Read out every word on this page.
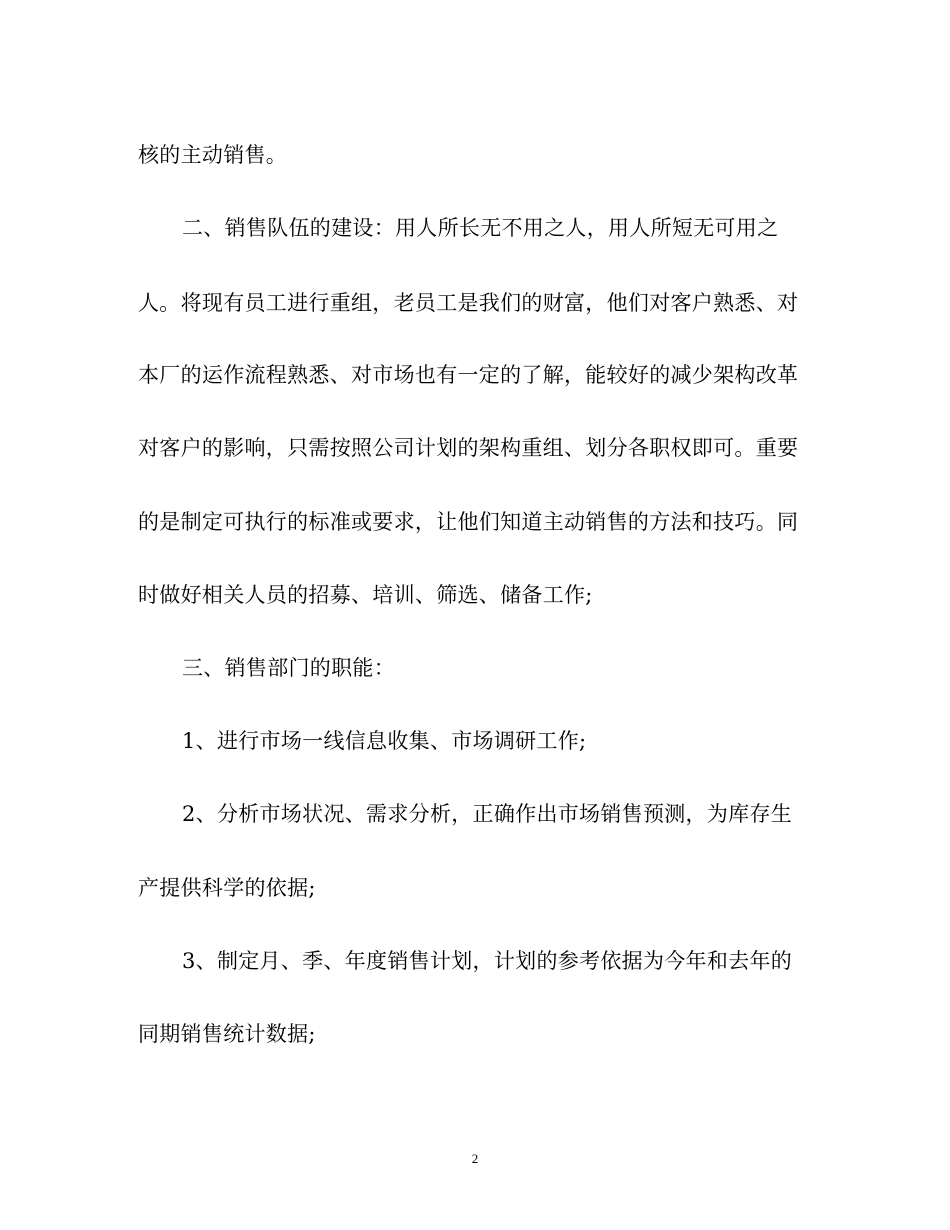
核的主动销售。
二、销售队伍的建设：用人所长无不用之人，用人所短无可用之
人。将现有员工进行重组，老员工是我们的财富，他们对客户熟悉、对
本厂的运作流程熟悉、对市场也有一定的了解，能较好的减少架构改革
对客户的影响，只需按照公司计划的架构重组、划分各职权即可。重要
的是制定可执行的标准或要求，让他们知道主动销售的方法和技巧。同
时做好相关人员的招募、培训、筛选、储备工作;
三、销售部门的职能：
1、进行市场一线信息收集、市场调研工作;
2、分析市场状况、需求分析，正确作出市场销售预测，为库存生
产提供科学的依据;
3、制定月、季、年度销售计划，计划的参考依据为今年和去年的
同期销售统计数据;
2
